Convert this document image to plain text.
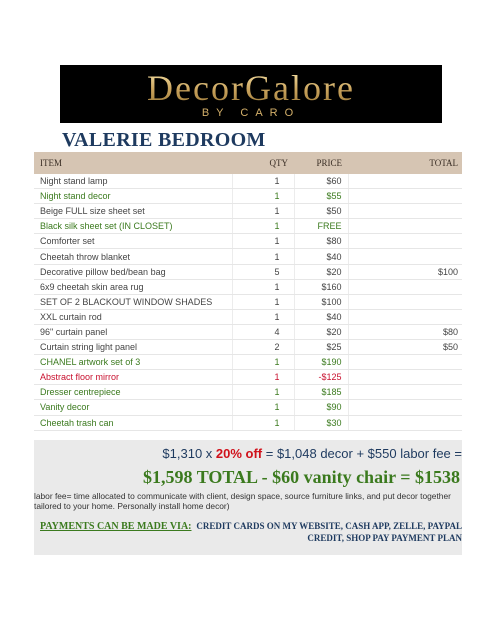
DecorGalore
BY CARO
VALERIE BEDROOM
ITEM	QTY	PRICE	TOTAL
Night stand lamp	1	$60	
Night stand decor	1	$55	
Beige FULL size sheet set	1	$50	
Black silk sheet set (IN CLOSET)	1	FREE	
Comforter set	1	$80	
Cheetah throw blanket	1	$40	
Decorative pillow bed/bean bag	5	$20	$100
6x9 cheetah skin area rug	1	$160	
SET OF 2 BLACKOUT WINDOW SHADES	1	$100	
XXL curtain rod	1	$40	
96" curtain panel	4	$20	$80
Curtain string light panel	2	$25	$50
CHANEL artwork set of 3	1	$190	
Abstract floor mirror	1	-$125	
Dresser centrepiece	1	$185	
Vanity decor	1	$90	
Cheetah trash can	1	$30	
$1,310 x 20% off = $1,048 decor + $550 labor fee =
$1,598 TOTAL - $60 vanity chair = $1538
labor fee= time allocated to communicate with client, design space, source furniture links, and put decor together tailored to your home. Personally install home decor)
PAYMENTS CAN BE MADE VIA: CREDIT CARDS ON MY WEBSITE, CASH APP, ZELLE, PAYPAL CREDIT, SHOP PAY PAYMENT PLAN
